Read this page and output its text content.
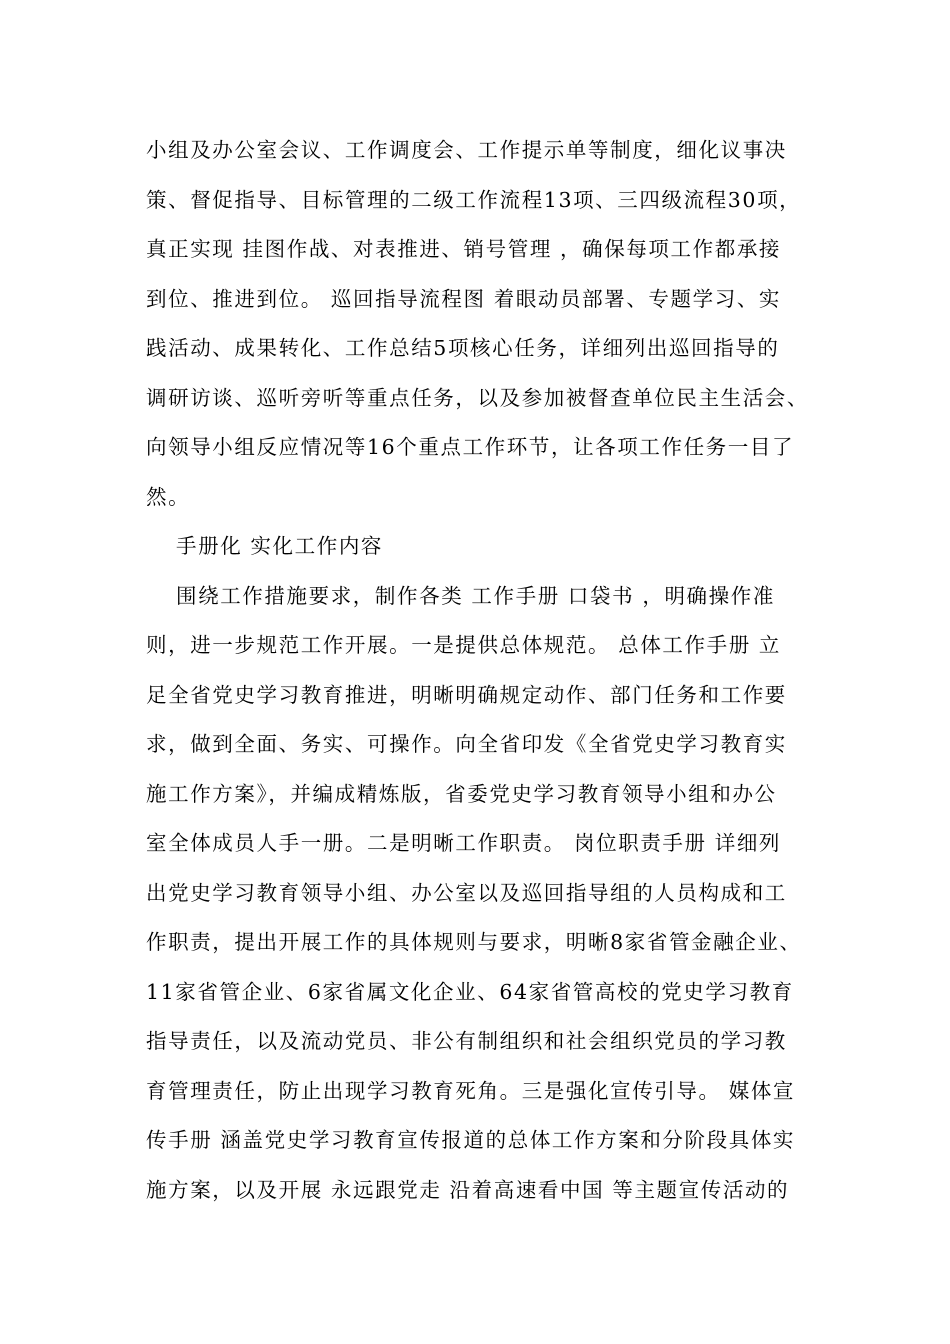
小组及办公室会议、工作调度会、工作提示单等制度，细化议事决
策、督促指导、目标管理的二级工作流程13项、三四级流程30项，
真正实现 挂图作战、对表推进、销号管理 ，确保每项工作都承接
到位、推进到位。 巡回指导流程图 着眼动员部署、专题学习、实
践活动、成果转化、工作总结5项核心任务，详细列出巡回指导的
调研访谈、巡听旁听等重点任务，以及参加被督查单位民主生活会、
向领导小组反应情况等16个重点工作环节，让各项工作任务一目了
然。
手册化 实化工作内容
围绕工作措施要求，制作各类 工作手册 口袋书 ，明确操作准
则，进一步规范工作开展。一是提供总体规范。 总体工作手册 立
足全省党史学习教育推进，明晰明确规定动作、部门任务和工作要
求，做到全面、务实、可操作。向全省印发《全省党史学习教育实
施工作方案》，并编成精炼版，省委党史学习教育领导小组和办公
室全体成员人手一册。二是明晰工作职责。 岗位职责手册 详细列
出党史学习教育领导小组、办公室以及巡回指导组的人员构成和工
作职责，提出开展工作的具体规则与要求，明晰8家省管金融企业、
11家省管企业、6家省属文化企业、64家省管高校的党史学习教育
指导责任，以及流动党员、非公有制组织和社会组织党员的学习教
育管理责任，防止出现学习教育死角。三是强化宣传引导。 媒体宣
传手册 涵盖党史学习教育宣传报道的总体工作方案和分阶段具体实
施方案，以及开展 永远跟党走 沿着高速看中国 等主题宣传活动的
